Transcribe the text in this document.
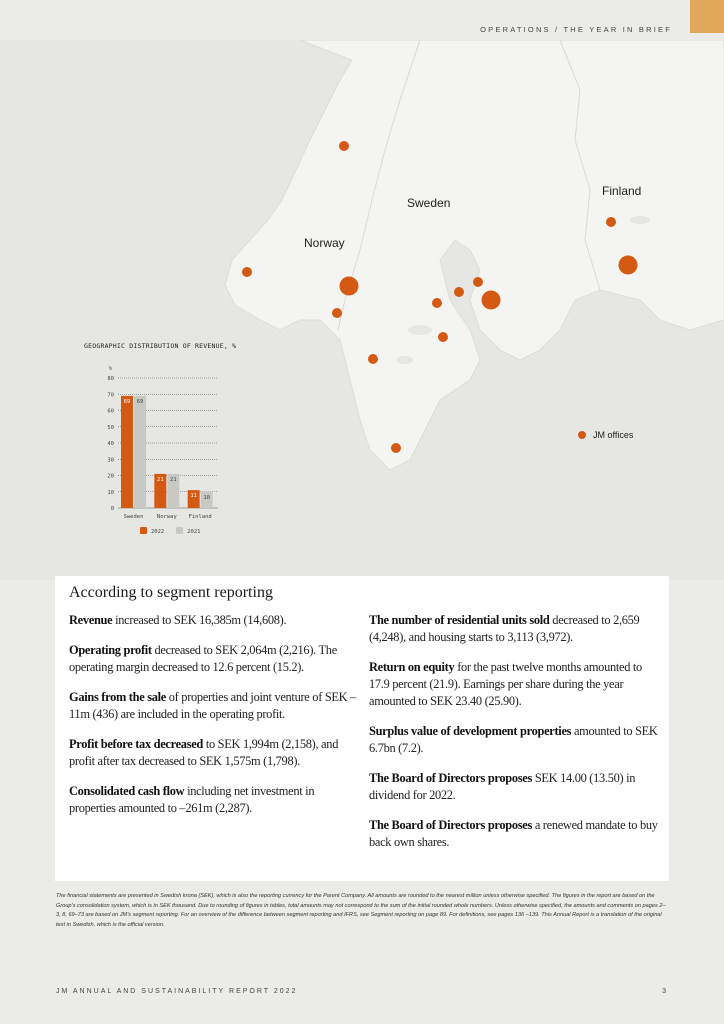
OPERATIONS / THE YEAR IN BRIEF
Norway
Sweden
Finland
JM offices
GEOGRAPHIC DISTRIBUTION OF REVENUE, %
%
0
10
20
30
40
50
60
70
80
69 69
Sweden
21 21
Norway
11 10
Finland
2022	2021
According to segment reporting

Revenue increased to SEK 16,385m (14,608).

Operating profit decreased to SEK 2,064m (2,216). The operating margin decreased to 12.6 percent (15.2).

Gains from the sale of properties and joint venture of SEK –11m (436) are included in the operating profit.

Profit before tax decreased to SEK 1,994m (2,158), and profit after tax decreased to SEK 1,575m (1,798).

Consolidated cash flow including net investment in properties amounted to –261m (2,287).

The number of residential units sold decreased to 2,659 (4,248), and housing starts to 3,113 (3,972).

Return on equity for the past twelve months amounted to 17.9 percent (21.9). Earnings per share during the year amounted to SEK 23.40 (25.90).

Surplus value of development properties amounted to SEK 6.7bn (7.2).

The Board of Directors proposes SEK 14.00 (13.50) in dividend for 2022.

The Board of Directors proposes a renewed mandate to buy back own shares.

The financial statements are presented in Swedish krona (SEK), which is also the reporting currency for the Parent Company. All amounts are rounded to the nearest million unless otherwise specified. The figures in the report are based on the Group's consolidation system, which is in SEK thousand. Due to rounding of figures in tables, total amounts may not correspond to the sum of the initial rounded whole numbers. Unless otherwise specified, the amounts and comments on pages 2–3, 8, 69–73 are based on JM's segment reporting. For an overview of the difference between segment reporting and IFRS, see Segment reporting on page 89. For definitions, see pages 136 –139. This Annual Report is a translation of the original text in Swedish, which is the official version.
JM ANNUAL AND SUSTAINABILITY REPORT 2022	3
